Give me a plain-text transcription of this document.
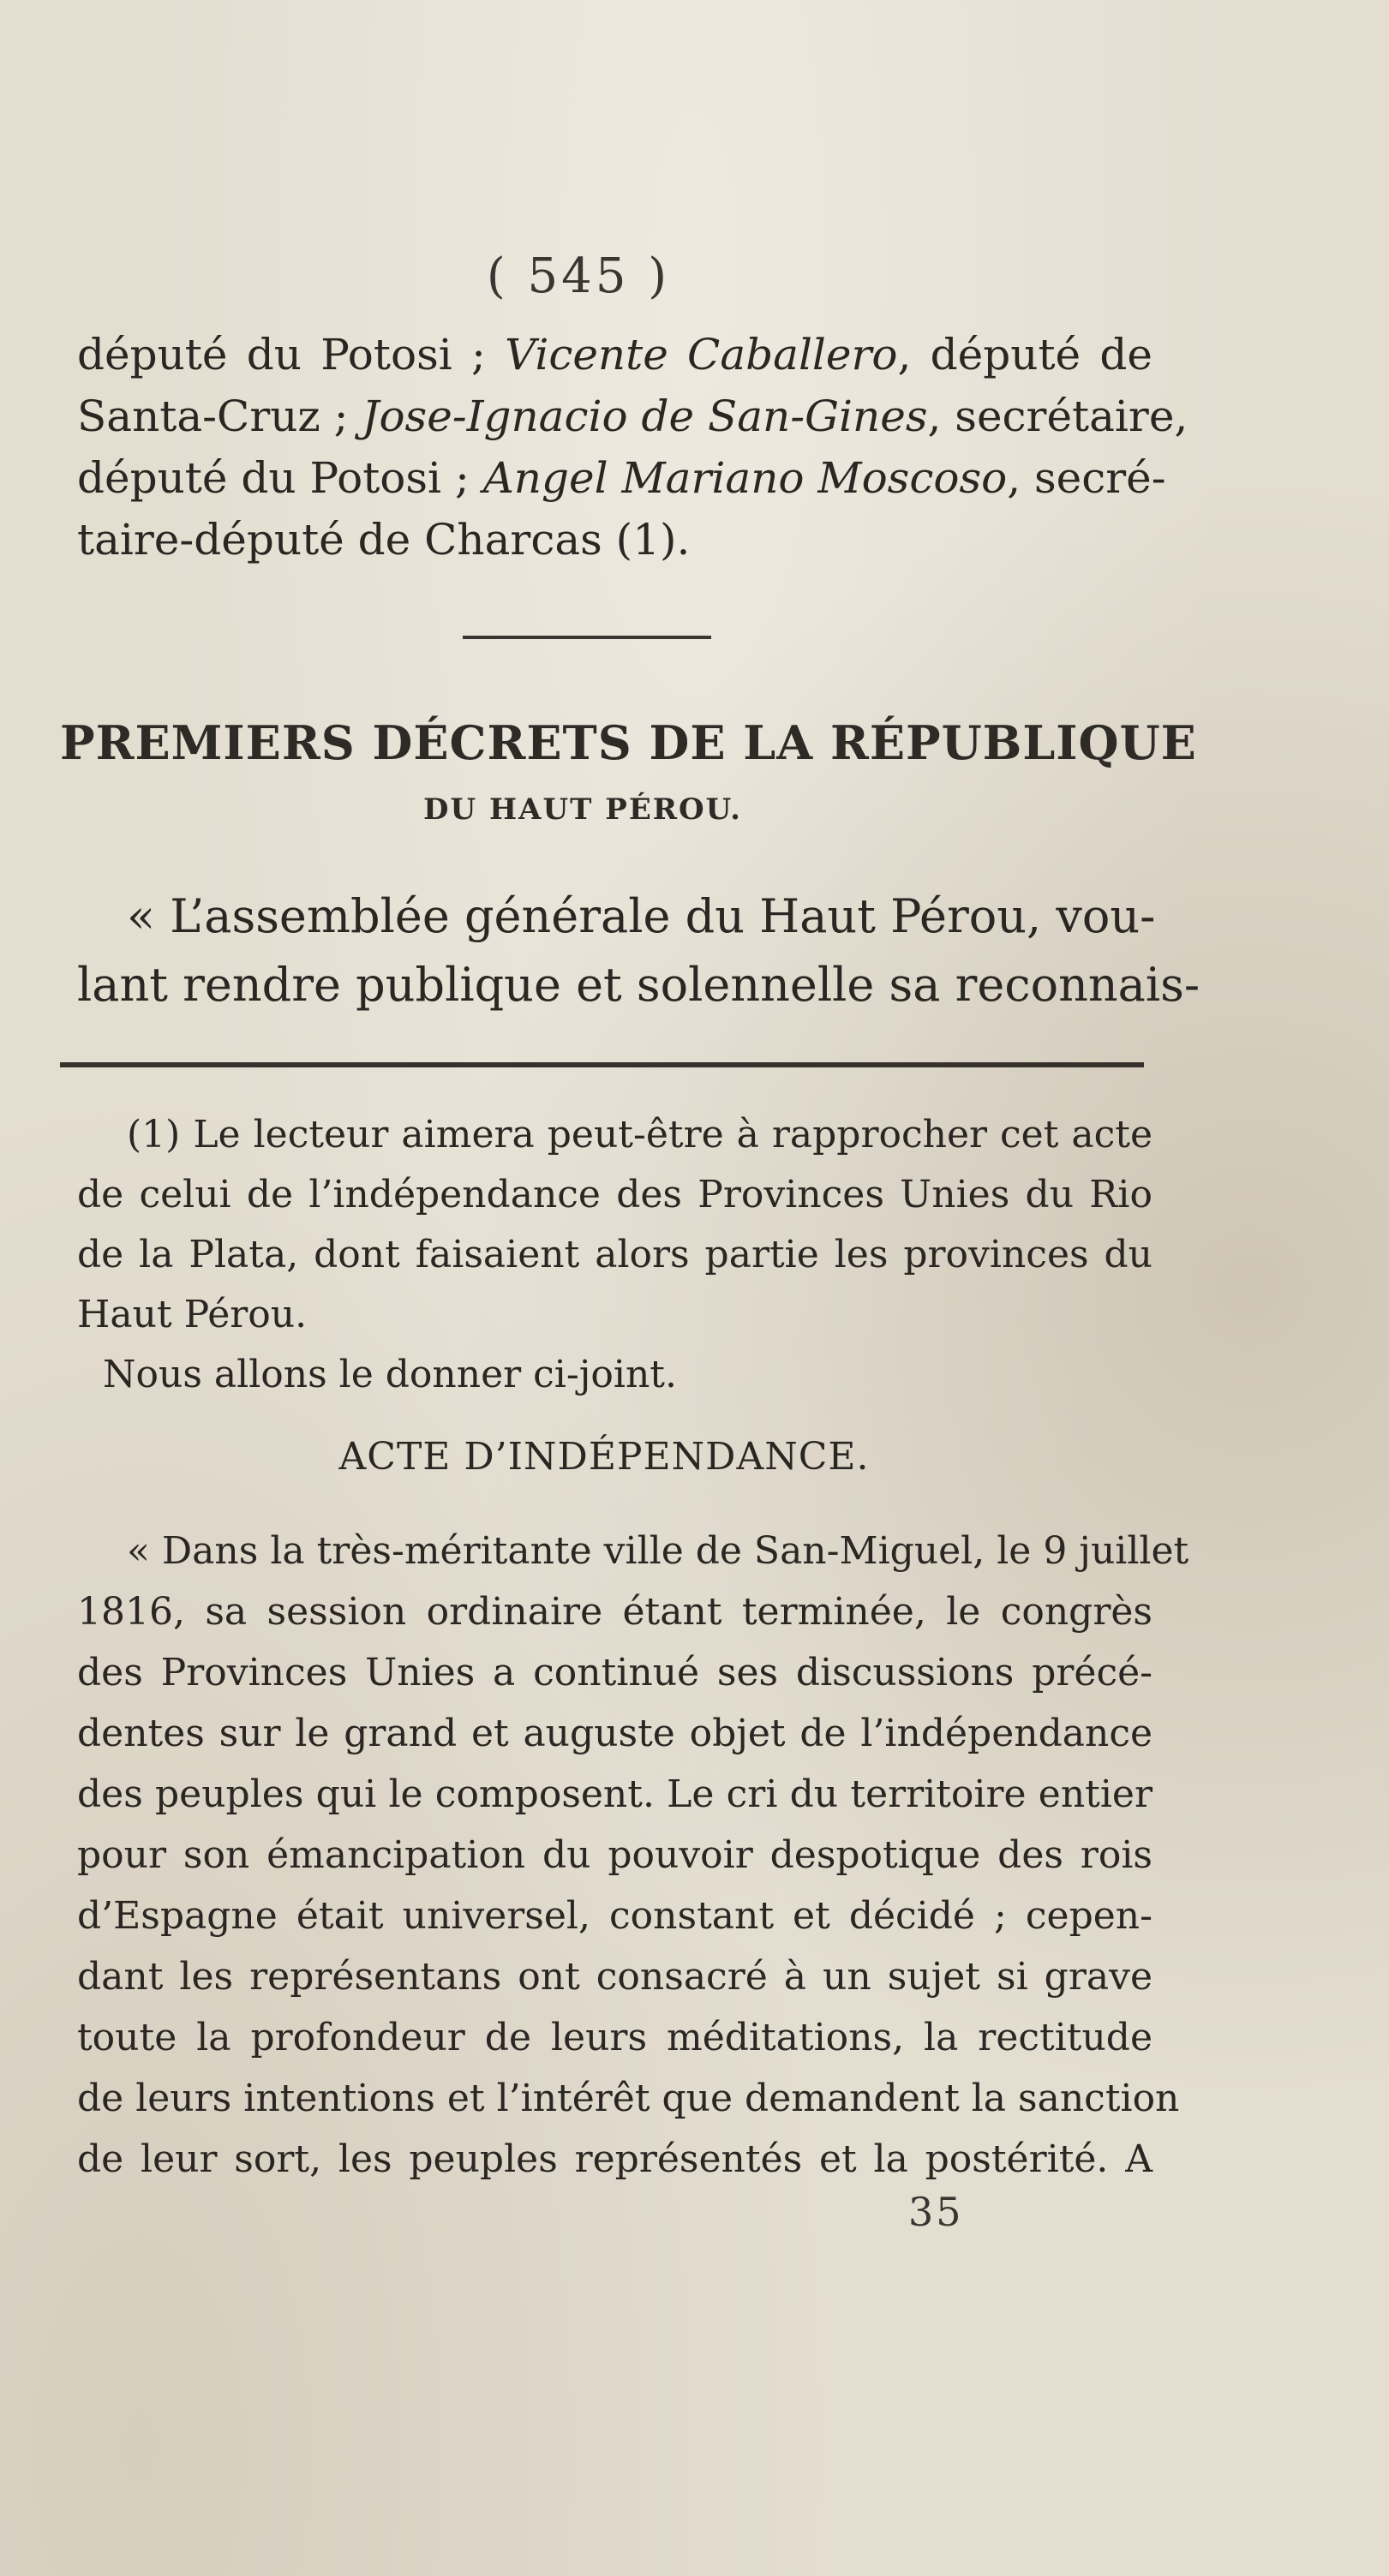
( 545 )
député du Potosi ; Vicente Caballero, député de
Santa-Cruz ; Jose-Ignacio de San-Gines, secrétaire,
député du Potosi ; Angel Mariano Moscoso, secré-
taire-député de Charcas (1).
PREMIERS DÉCRETS DE LA RÉPUBLIQUE
DU HAUT PÉROU.
« L’assemblée générale du Haut Pérou, vou-
lant rendre publique et solennelle sa reconnais-
(1) Le lecteur aimera peut-être à rapprocher cet acte
de celui de l’indépendance des Provinces Unies du Rio
de la Plata, dont faisaient alors partie les provinces du
Haut Pérou.
Nous allons le donner ci-joint.
ACTE D’INDÉPENDANCE.
« Dans la très-méritante ville de San-Miguel, le 9 juillet
1816, sa session ordinaire étant terminée, le congrès
des Provinces Unies a continué ses discussions précé-
dentes sur le grand et auguste objet de l’indépendance
des peuples qui le composent. Le cri du territoire entier
pour son émancipation du pouvoir despotique des rois
d’Espagne était universel, constant et décidé ; cepen-
dant les représentans ont consacré à un sujet si grave
toute la profondeur de leurs méditations, la rectitude
de leurs intentions et l’intérêt que demandent la sanction
de leur sort, les peuples représentés et la postérité. A
35
